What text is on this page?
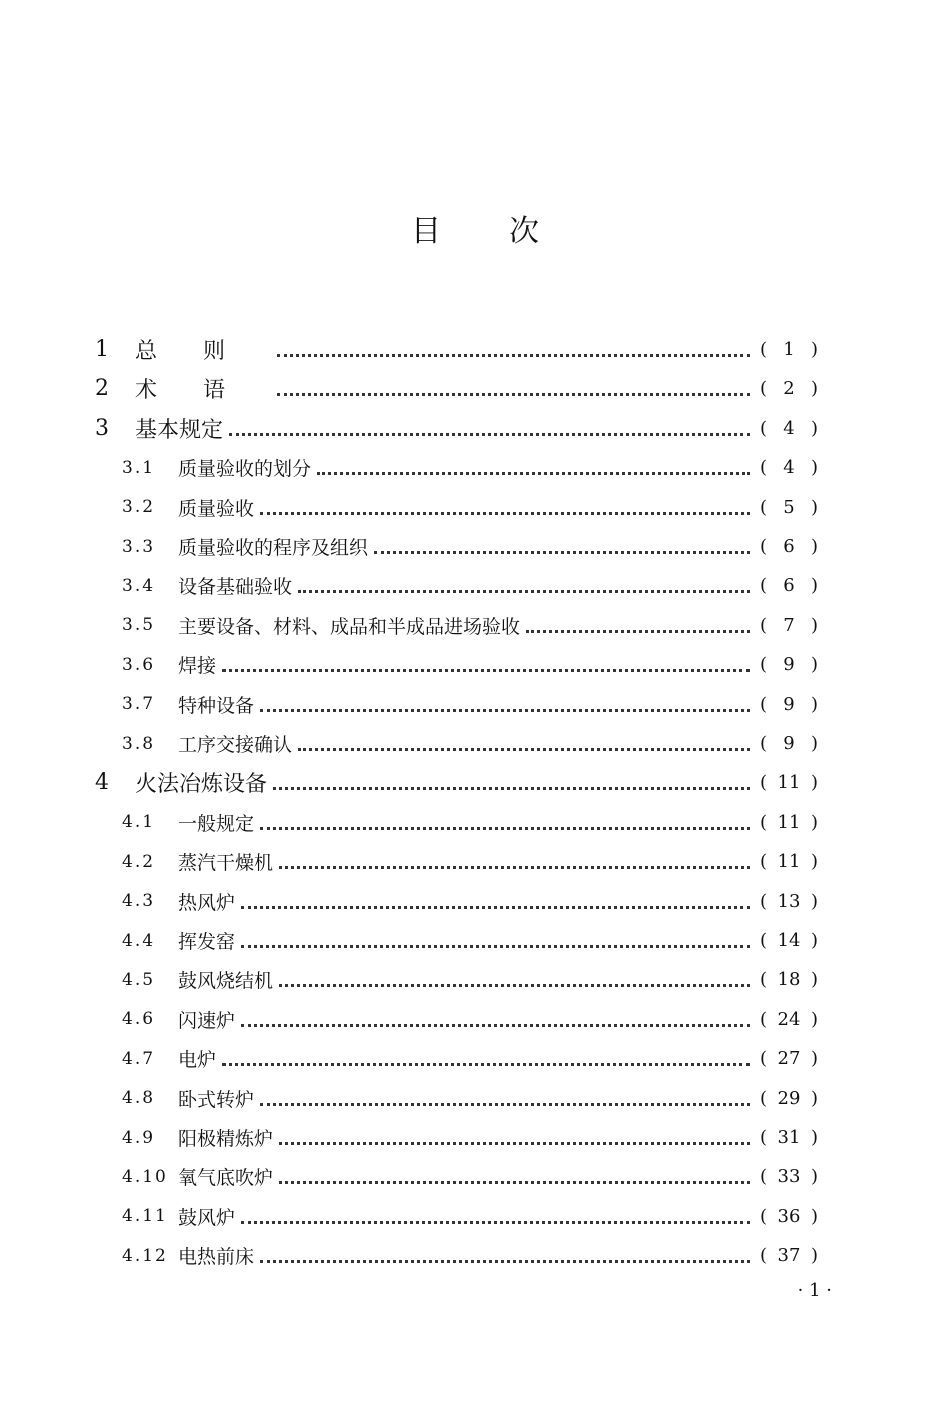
目次
1 总则	( 1 )
2 术语	( 2 )
3 基本规定	( 4 )
3.1 质量验收的划分	( 4 )
3.2 质量验收	( 5 )
3.3 质量验收的程序及组织	( 6 )
3.4 设备基础验收	( 6 )
3.5 主要设备、材料、成品和半成品进场验收	( 7 )
3.6 焊接	( 9 )
3.7 特种设备	( 9 )
3.8 工序交接确认	( 9 )
4 火法冶炼设备	( 11 )
4.1 一般规定	( 11 )
4.2 蒸汽干燥机	( 11 )
4.3 热风炉	( 13 )
4.4 挥发窑	( 14 )
4.5 鼓风烧结机	( 18 )
4.6 闪速炉	( 24 )
4.7 电炉	( 27 )
4.8 卧式转炉	( 29 )
4.9 阳极精炼炉	( 31 )
4.10 氧气底吹炉	( 33 )
4.11 鼓风炉	( 36 )
4.12 电热前床	( 37 )
· 1 ·
